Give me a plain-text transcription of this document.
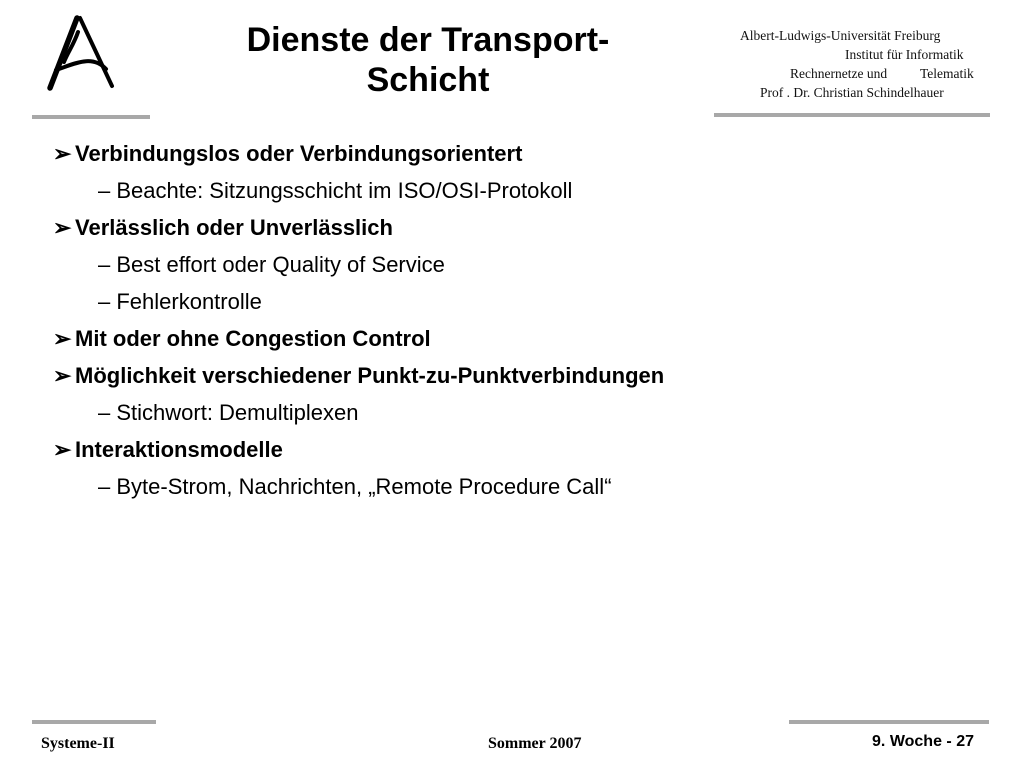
Dienste der Transport-
Schicht
Albert-Ludwigs-Universität Freiburg
Institut für Informatik
Rechnernetze und Telematik
Prof . Dr. Christian Schindelhauer
➢ Verbindungslos oder Verbindungsorientert
– Beachte: Sitzungsschicht im ISO/OSI-Protokoll
➢ Verlässlich oder Unverlässlich
– Best effort oder Quality of Service
– Fehlerkontrolle
➢ Mit oder ohne Congestion Control
➢ Möglichkeit verschiedener Punkt-zu-Punktverbindungen
– Stichwort: Demultiplexen
➢ Interaktionsmodelle
– Byte-Strom, Nachrichten, „Remote Procedure Call“
Systeme-II	Sommer 2007	9. Woche - 27
